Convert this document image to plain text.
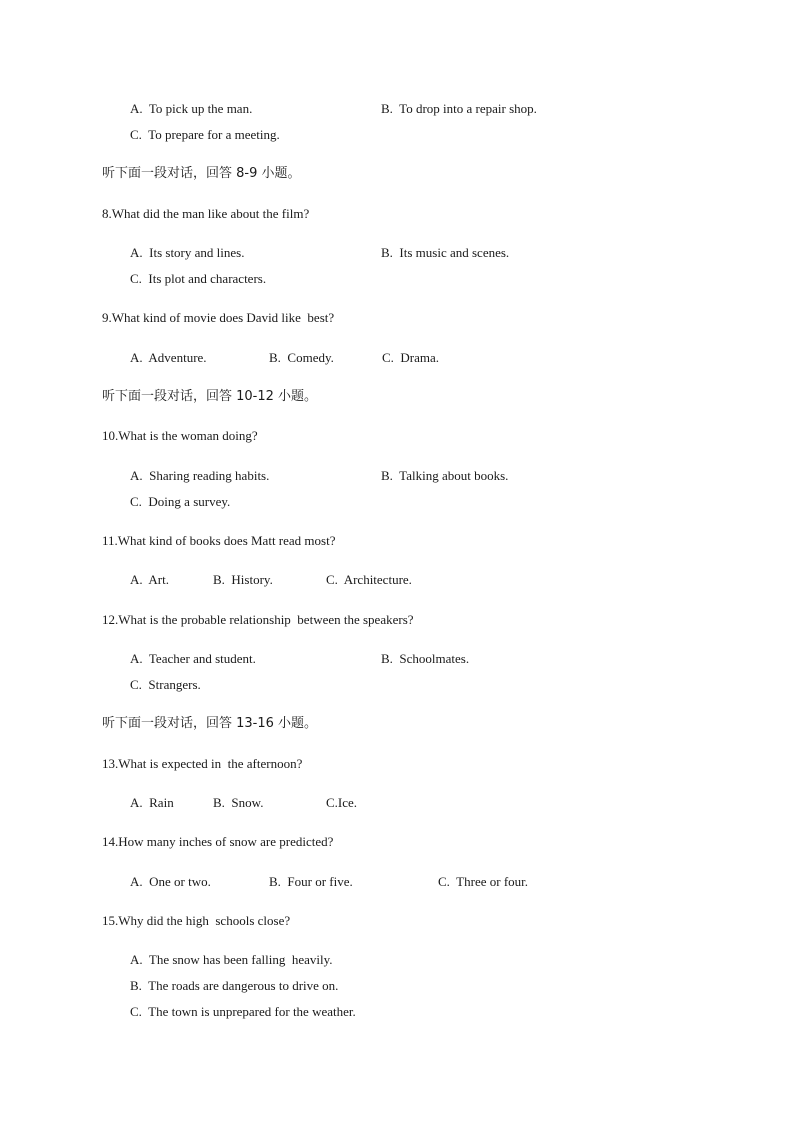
A.  To pick up the man.	B.  To drop into a repair shop.
C.  To prepare for a meeting.
听下面一段对话，回答 8-9 小题。
8.What did the man like about the film?
A.  Its story and lines.	B.  Its music and scenes.
C.  Its plot and characters.
9.What kind of movie does David like  best?
A.  Adventure.	B.  Comedy.	C.  Drama.
听下面一段对话，回答 10-12 小题。
10.What is the woman doing?
A.  Sharing reading habits.	B.  Talking about books.
C.  Doing a survey.
11.What kind of books does Matt read most?
A.  Art.	B.  History.	C.  Architecture.
12.What is the probable relationship  between the speakers?
A.  Teacher and student.	B.  Schoolmates.
C.  Strangers.
听下面一段对话，回答 13-16 小题。
13.What is expected in  the afternoon?
A.  Rain	B.  Snow.	C.Ice.
14.How many inches of snow are predicted?
A.  One or two.	B.  Four or five.	C.  Three or four.
15.Why did the high  schools close?
A.  The snow has been falling  heavily.
B.  The roads are dangerous to drive on.
C.  The town is unprepared for the weather.
